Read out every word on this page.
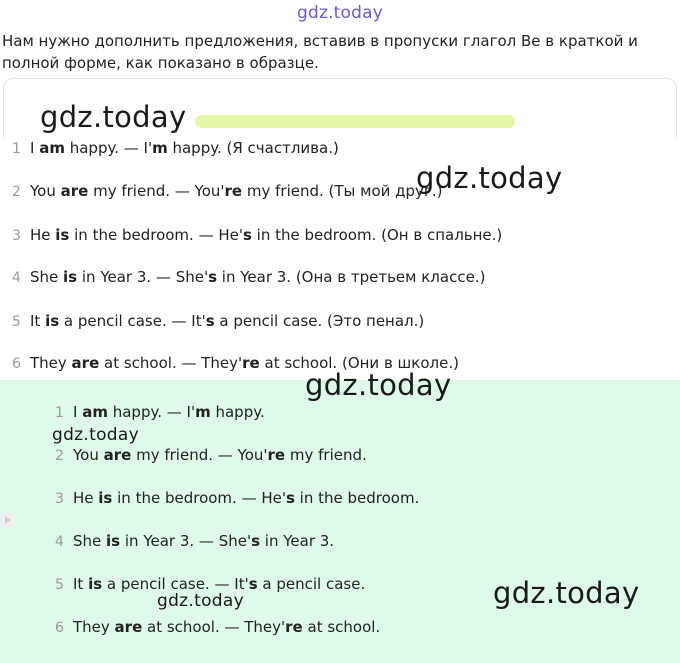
gdz.today
Нам нужно дополнить предложения, вставив в пропуски глагол Be в краткой и полной форме, как показано в образце.
1 I am happy. — I'm happy. (Я счастлива.)
2 You are my friend. — You're my friend. (Ты мой друг.)
3 He is in the bedroom. — He's in the bedroom. (Он в спальне.)
4 She is in Year 3. — She's in Year 3. (Она в третьем классе.)
5 It is a pencil case. — It's a pencil case. (Это пенал.)
6 They are at school. — They're at school. (Они в школе.)
1 I am happy. — I'm happy.
2 You are my friend. — You're my friend.
3 He is in the bedroom. — He's in the bedroom.
4 She is in Year 3. — She's in Year 3.
5 It is a pencil case. — It's a pencil case.
6 They are at school. — They're at school.
gdz.today
gdz.today
gdz.today
gdz.today
gdz.today
gdz.today
